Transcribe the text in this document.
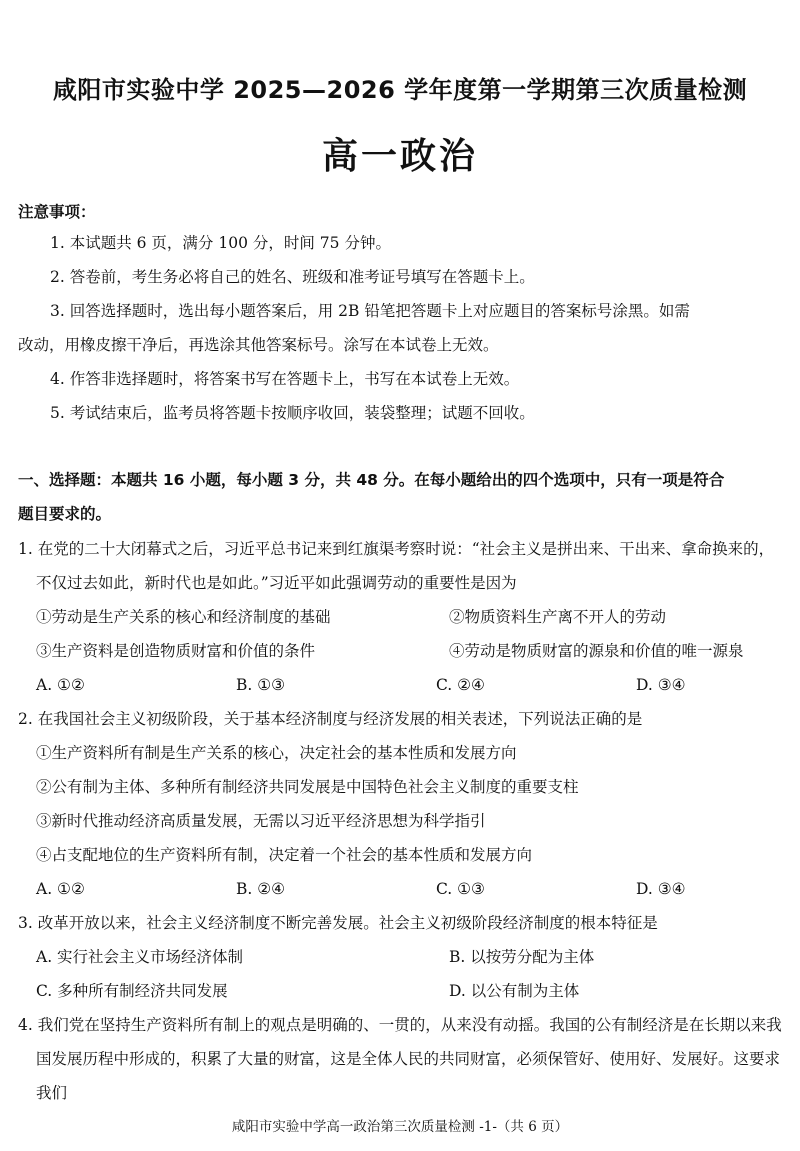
咸阳市实验中学 2025—2026 学年度第一学期第三次质量检测
高一政治
注意事项：
1. 本试题共 6 页，满分 100 分，时间 75 分钟。
2. 答卷前，考生务必将自己的姓名、班级和准考证号填写在答题卡上。
3. 回答选择题时，选出每小题答案后，用 2B 铅笔把答题卡上对应题目的答案标号涂黑。如需
改动，用橡皮擦干净后，再选涂其他答案标号。涂写在本试卷上无效。
4. 作答非选择题时，将答案书写在答题卡上，书写在本试卷上无效。
5. 考试结束后，监考员将答题卡按顺序收回，装袋整理；试题不回收。
一、选择题：本题共 16 小题，每小题 3 分，共 48 分。在每小题给出的四个选项中，只有一项是符合
题目要求的。
1. 在党的二十大闭幕式之后，习近平总书记来到红旗渠考察时说：“社会主义是拼出来、干出来、拿命换来的，不仅过去如此，新时代也是如此。”习近平如此强调劳动的重要性是因为
①劳动是生产关系的核心和经济制度的基础	②物质资料生产离不开人的劳动
③生产资料是创造物质财富和价值的条件	④劳动是物质财富的源泉和价值的唯一源泉
A. ①②	B. ①③	C. ②④	D. ③④
2. 在我国社会主义初级阶段，关于基本经济制度与经济发展的相关表述，下列说法正确的是
①生产资料所有制是生产关系的核心，决定社会的基本性质和发展方向
②公有制为主体、多种所有制经济共同发展是中国特色社会主义制度的重要支柱
③新时代推动经济高质量发展，无需以习近平经济思想为科学指引
④占支配地位的生产资料所有制，决定着一个社会的基本性质和发展方向
A. ①②	B. ②④	C. ①③	D. ③④
3. 改革开放以来，社会主义经济制度不断完善发展。社会主义初级阶段经济制度的根本特征是
A. 实行社会主义市场经济体制	B. 以按劳分配为主体
C. 多种所有制经济共同发展	D. 以公有制为主体
4. 我们党在坚持生产资料所有制上的观点是明确的、一贯的，从来没有动摇。我国的公有制经济是在长期以来我国发展历程中形成的，积累了大量的财富，这是全体人民的共同财富，必须保管好、使用好、发展好。这要求我们
咸阳市实验中学高一政治第三次质量检测 -1-（共 6 页）
